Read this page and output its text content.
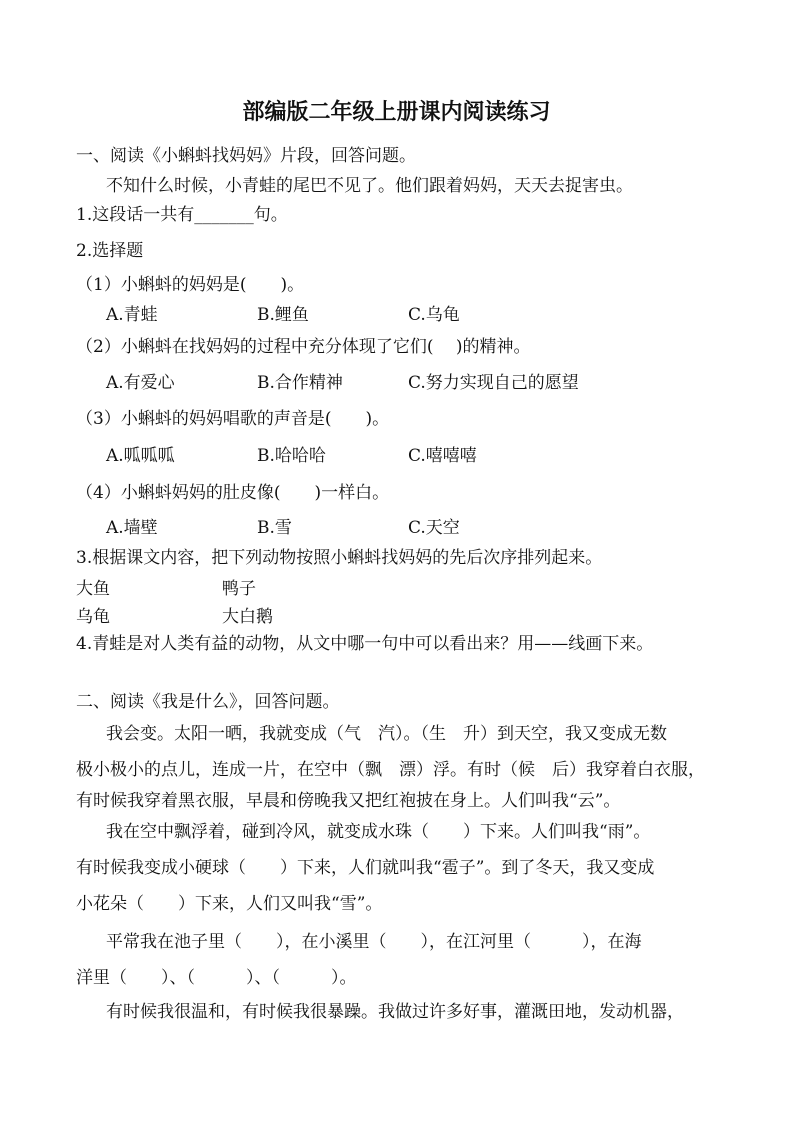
部编版二年级上册课内阅读练习
一、阅读《小蝌蚪找妈妈》片段，回答问题。
不知什么时候，小青蛙的尾巴不见了。他们跟着妈妈，天天去捉害虫。
1.这段话一共有_______句。
2.选择题
（1）小蝌蚪的妈妈是(　　)。
A.青蛙	B.鲤鱼	C.乌龟
（2）小蝌蚪在找妈妈的过程中充分体现了它们(　 )的精神。
A.有爱心	B.合作精神	C.努力实现自己的愿望
（3）小蝌蚪的妈妈唱歌的声音是(　　)。
A.呱呱呱	B.哈哈哈	C.嘻嘻嘻
（4）小蝌蚪妈妈的肚皮像(　　)一样白。
A.墙壁	B.雪	C.天空
3.根据课文内容，把下列动物按照小蝌蚪找妈妈的先后次序排列起来。
大鱼	鸭子
乌龟	大白鹅
4.青蛙是对人类有益的动物，从文中哪一句中可以看出来？用——线画下来。
二、阅读《我是什么》，回答问题。
我会变。太阳一晒，我就变成（气　汽）。（生　升）到天空，我又变成无数
极小极小的点儿，连成一片，在空中（飘　漂）浮。有时（候　后）我穿着白衣服，
有时候我穿着黑衣服，早晨和傍晚我又把红袍披在身上。人们叫我“云”。
我在空中飘浮着，碰到冷风，就变成水珠（　　）下来。人们叫我“雨”。
有时候我变成小硬球（　　）下来，人们就叫我“雹子”。到了冬天，我又变成
小花朵（　　）下来，人们又叫我“雪”。
平常我在池子里（　　），在小溪里（　　），在江河里（　　　），在海
洋里（　　）、（　　　）、（　　　）。
有时候我很温和，有时候我很暴躁。我做过许多好事，灌溉田地，发动机器，
